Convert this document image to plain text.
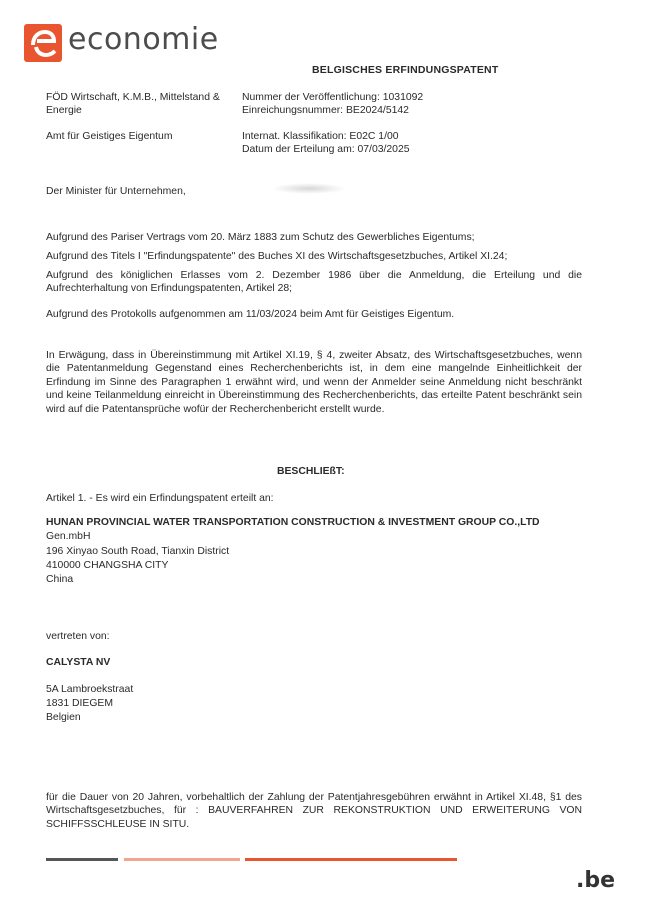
economie
BELGISCHES ERFINDUNGSPATENT
FÖD Wirtschaft, K.M.B., Mittelstand &
Energie
Amt für Geistiges Eigentum
Nummer der Veröffentlichung: 1031092
Einreichungsnummer: BE2024/5142
Internat. Klassifikation: E02C 1/00
Datum der Erteilung am: 07/03/2025
Der Minister für Unternehmen,
Aufgrund des Pariser Vertrags vom 20. März 1883 zum Schutz des Gewerbliches Eigentums;
Aufgrund des Titels I "Erfindungspatente" des Buches XI des Wirtschaftsgesetzbuches, Artikel XI.24;
Aufgrund des königlichen Erlasses vom 2. Dezember 1986 über die Anmeldung, die Erteilung und die Aufrechterhaltung von Erfindungspatenten, Artikel 28;
Aufgrund des Protokolls aufgenommen am 11/03/2024 beim Amt für Geistiges Eigentum.
In Erwägung, dass in Übereinstimmung mit Artikel XI.19, § 4, zweiter Absatz, des Wirtschaftsgesetzbuches, wenn die Patentanmeldung Gegenstand eines Recherchenberichts ist, in dem eine mangelnde Einheitlichkeit der Erfindung im Sinne des Paragraphen 1 erwähnt wird, und wenn der Anmelder seine Anmeldung nicht beschränkt und keine Teilanmeldung einreicht in Übereinstimmung des Recherchenberichts, das erteilte Patent beschränkt sein wird auf die Patentansprüche wofür der Recherchenbericht erstellt wurde.
BESCHLIEßT:
Artikel 1. - Es wird ein Erfindungspatent erteilt an:
HUNAN PROVINCIAL WATER TRANSPORTATION CONSTRUCTION & INVESTMENT GROUP CO.,LTD
Gen.mbH
196 Xinyao South Road, Tianxin District
410000 CHANGSHA CITY
China
vertreten von:
CALYSTA NV
5A Lambroekstraat
1831 DIEGEM
Belgien
für die Dauer von 20 Jahren, vorbehaltlich der Zahlung der Patentjahresgebühren erwähnt in Artikel XI.48, §1 des Wirtschaftsgesetzbuches, für : BAUVERFAHREN ZUR REKONSTRUKTION UND ERWEITERUNG VON SCHIFFSSCHLEUSE IN SITU.
.be
